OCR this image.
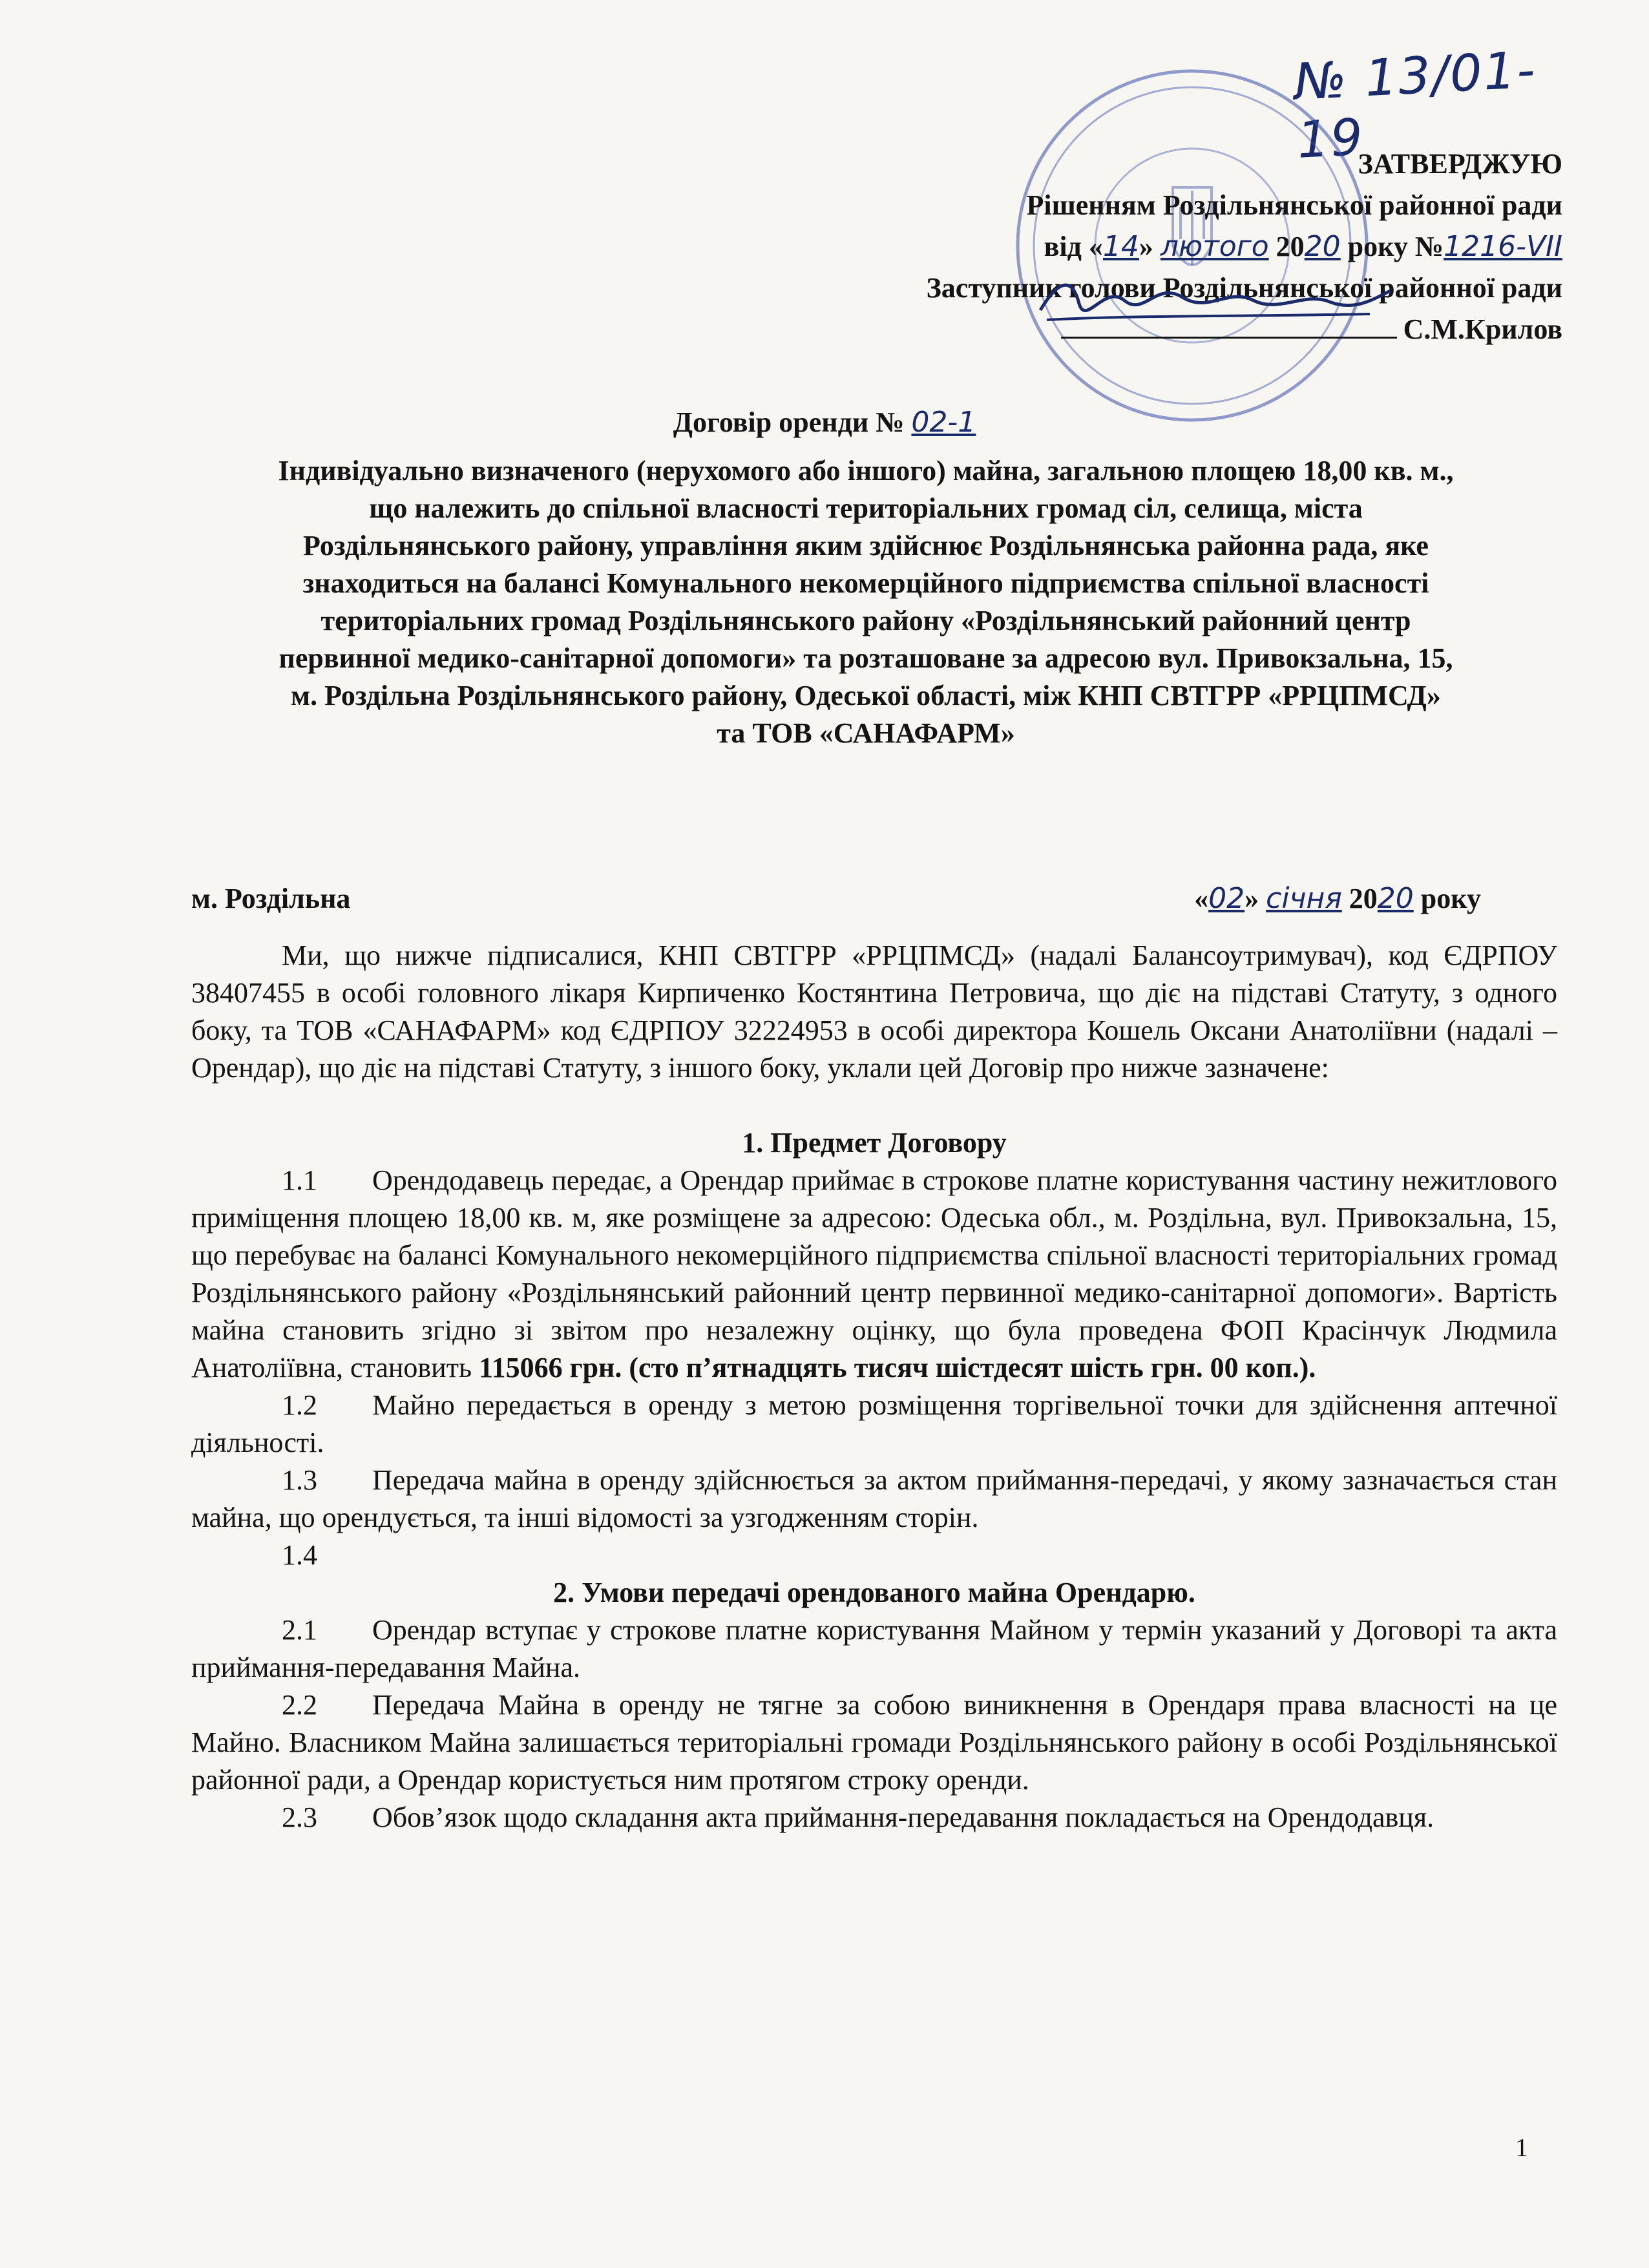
№ 13/01-19
ЗАТВЕРДЖУЮ
Рішенням Роздільнянської районної ради
від «14» лютого 2020 року №1216-VII
Заступник голови Роздільнянської районної ради
С.М.Крилов
Договір оренди № 02-1
Індивідуально визначеного (нерухомого або іншого) майна, загальною площею 18,00 кв. м.,
що належить до спільної власності територіальних громад сіл, селища, міста
Роздільнянського району, управління яким здійснює Роздільнянська районна рада, яке
знаходиться на балансі Комунального некомерційного підприємства спільної власності
територіальних громад Роздільнянського району «Роздільнянський районний центр
первинної медико-санітарної допомоги» та розташоване за адресою вул. Привокзальна, 15,
м. Роздільна Роздільнянського району, Одеської області, між КНП СВТГРР «РРЦПМСД»
та ТОВ «САНАФАРМ»
м. Роздільна	«02» січня 2020 року

Ми, що нижче підписалися, КНП СВТГРР «РРЦПМСД» (надалі Балансоутримувач), код ЄДРПОУ 38407455 в особі головного лікаря Кирпиченко Костянтина Петровича, що діє на підставі Статуту, з одного боку, та ТОВ «САНАФАРМ» код ЄДРПОУ 32224953 в особі директора Кошель Оксани Анатоліївни (надалі – Орендар), що діє на підставі Статуту, з іншого боку, уклали цей Договір про нижче зазначене:

1. Предмет Договору

1.1 Орендодавець передає, а Орендар приймає в строкове платне користування частину нежитлового приміщення площею 18,00 кв. м, яке розміщене за адресою: Одеська обл., м. Роздільна, вул. Привокзальна, 15, що перебуває на балансі Комунального некомерційного підприємства спільної власності територіальних громад Роздільнянського району «Роздільнянський районний центр первинної медико-санітарної допомоги». Вартість майна становить згідно зі звітом про незалежну оцінку, що була проведена ФОП Красінчук Людмила Анатоліївна, становить 115066 грн. (сто п’ятнадцять тисяч шістдесят шість грн. 00 коп.).

1.2 Майно передається в оренду з метою розміщення торгівельної точки для здійснення аптечної діяльності.

1.3 Передача майна в оренду здійснюється за актом приймання-передачі, у якому зазначається стан майна, що орендується, та інші відомості за узгодженням сторін.

1.4

2. Умови передачі орендованого майна Орендарю.

2.1 Орендар вступає у строкове платне користування Майном у термін указаний у Договорі та акта приймання-передавання Майна.

2.2 Передача Майна в оренду не тягне за собою виникнення в Орендаря права власності на це Майно. Власником Майна залишається територіальні громади Роздільнянського району в особі Роздільнянської районної ради, а Орендар користується ним протягом строку оренди.

2.3 Обов’язок щодо складання акта приймання-передавання покладається на Орендодавця.

1
